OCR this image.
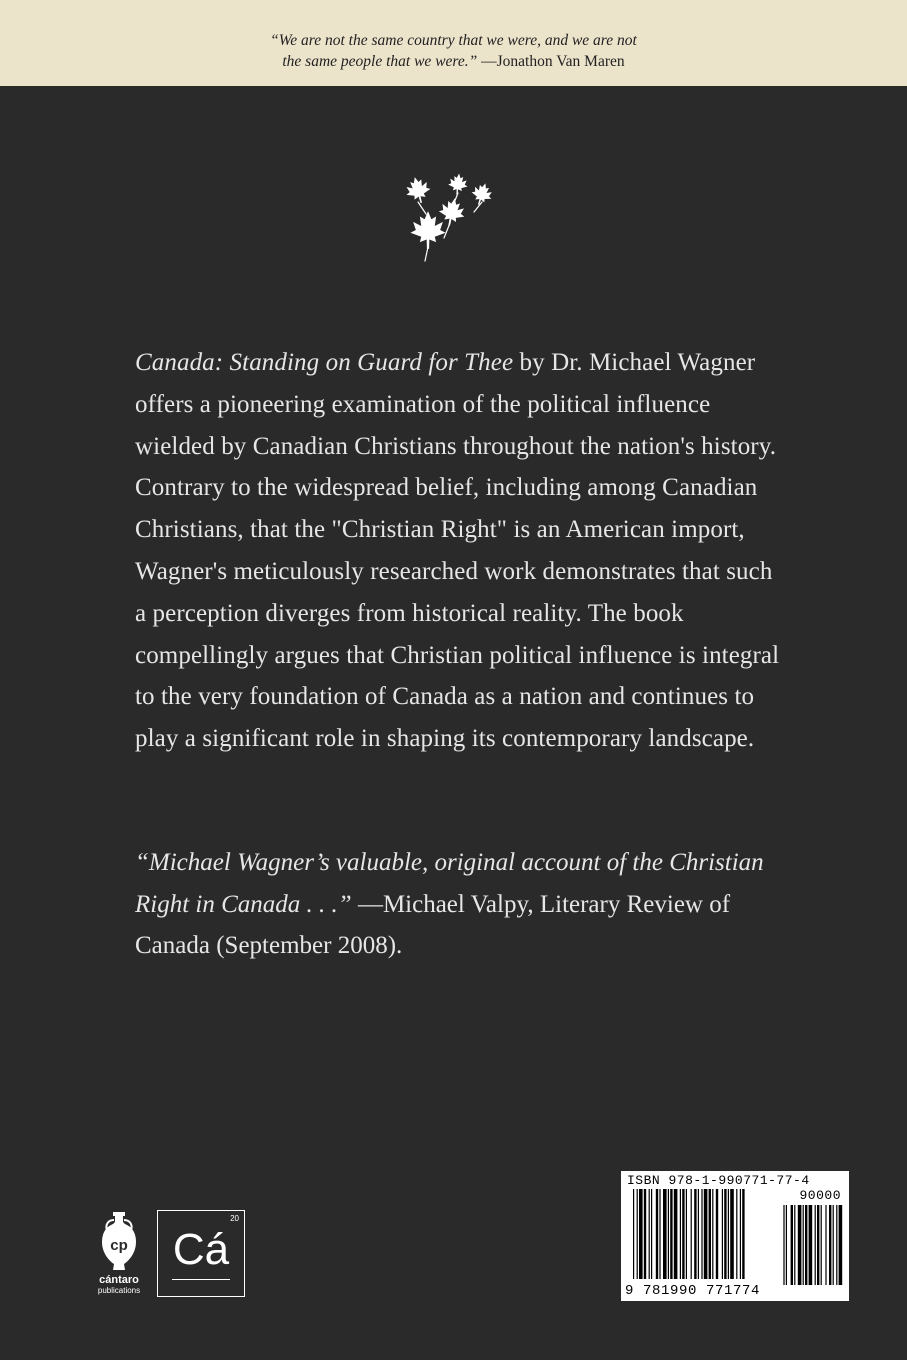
“We are not the same country that we were, and we are not
the same people that we were.” —Jonathon Van Maren
Canada: Standing on Guard for Thee by Dr. Michael Wagner offers a pioneering examination of the political influence wielded by Canadian Christians throughout the nation's history. Contrary to the widespread belief, including among Canadian Christians, that the "Christian Right" is an American import, Wagner's meticulously researched work demonstrates that such a perception diverges from historical reality. The book compellingly argues that Christian political influence is integral to the very foundation of Canada as a nation and continues to play a significant role in shaping its contemporary landscape.
“Michael Wagner’s valuable, original account of the Christian Right in Canada . . .” —Michael Valpy, Literary Review of Canada (September 2008).
cp
cántaro
publications
20
Cá
ISBN 978-1-990771-77-4
90000
9 781990 771774
